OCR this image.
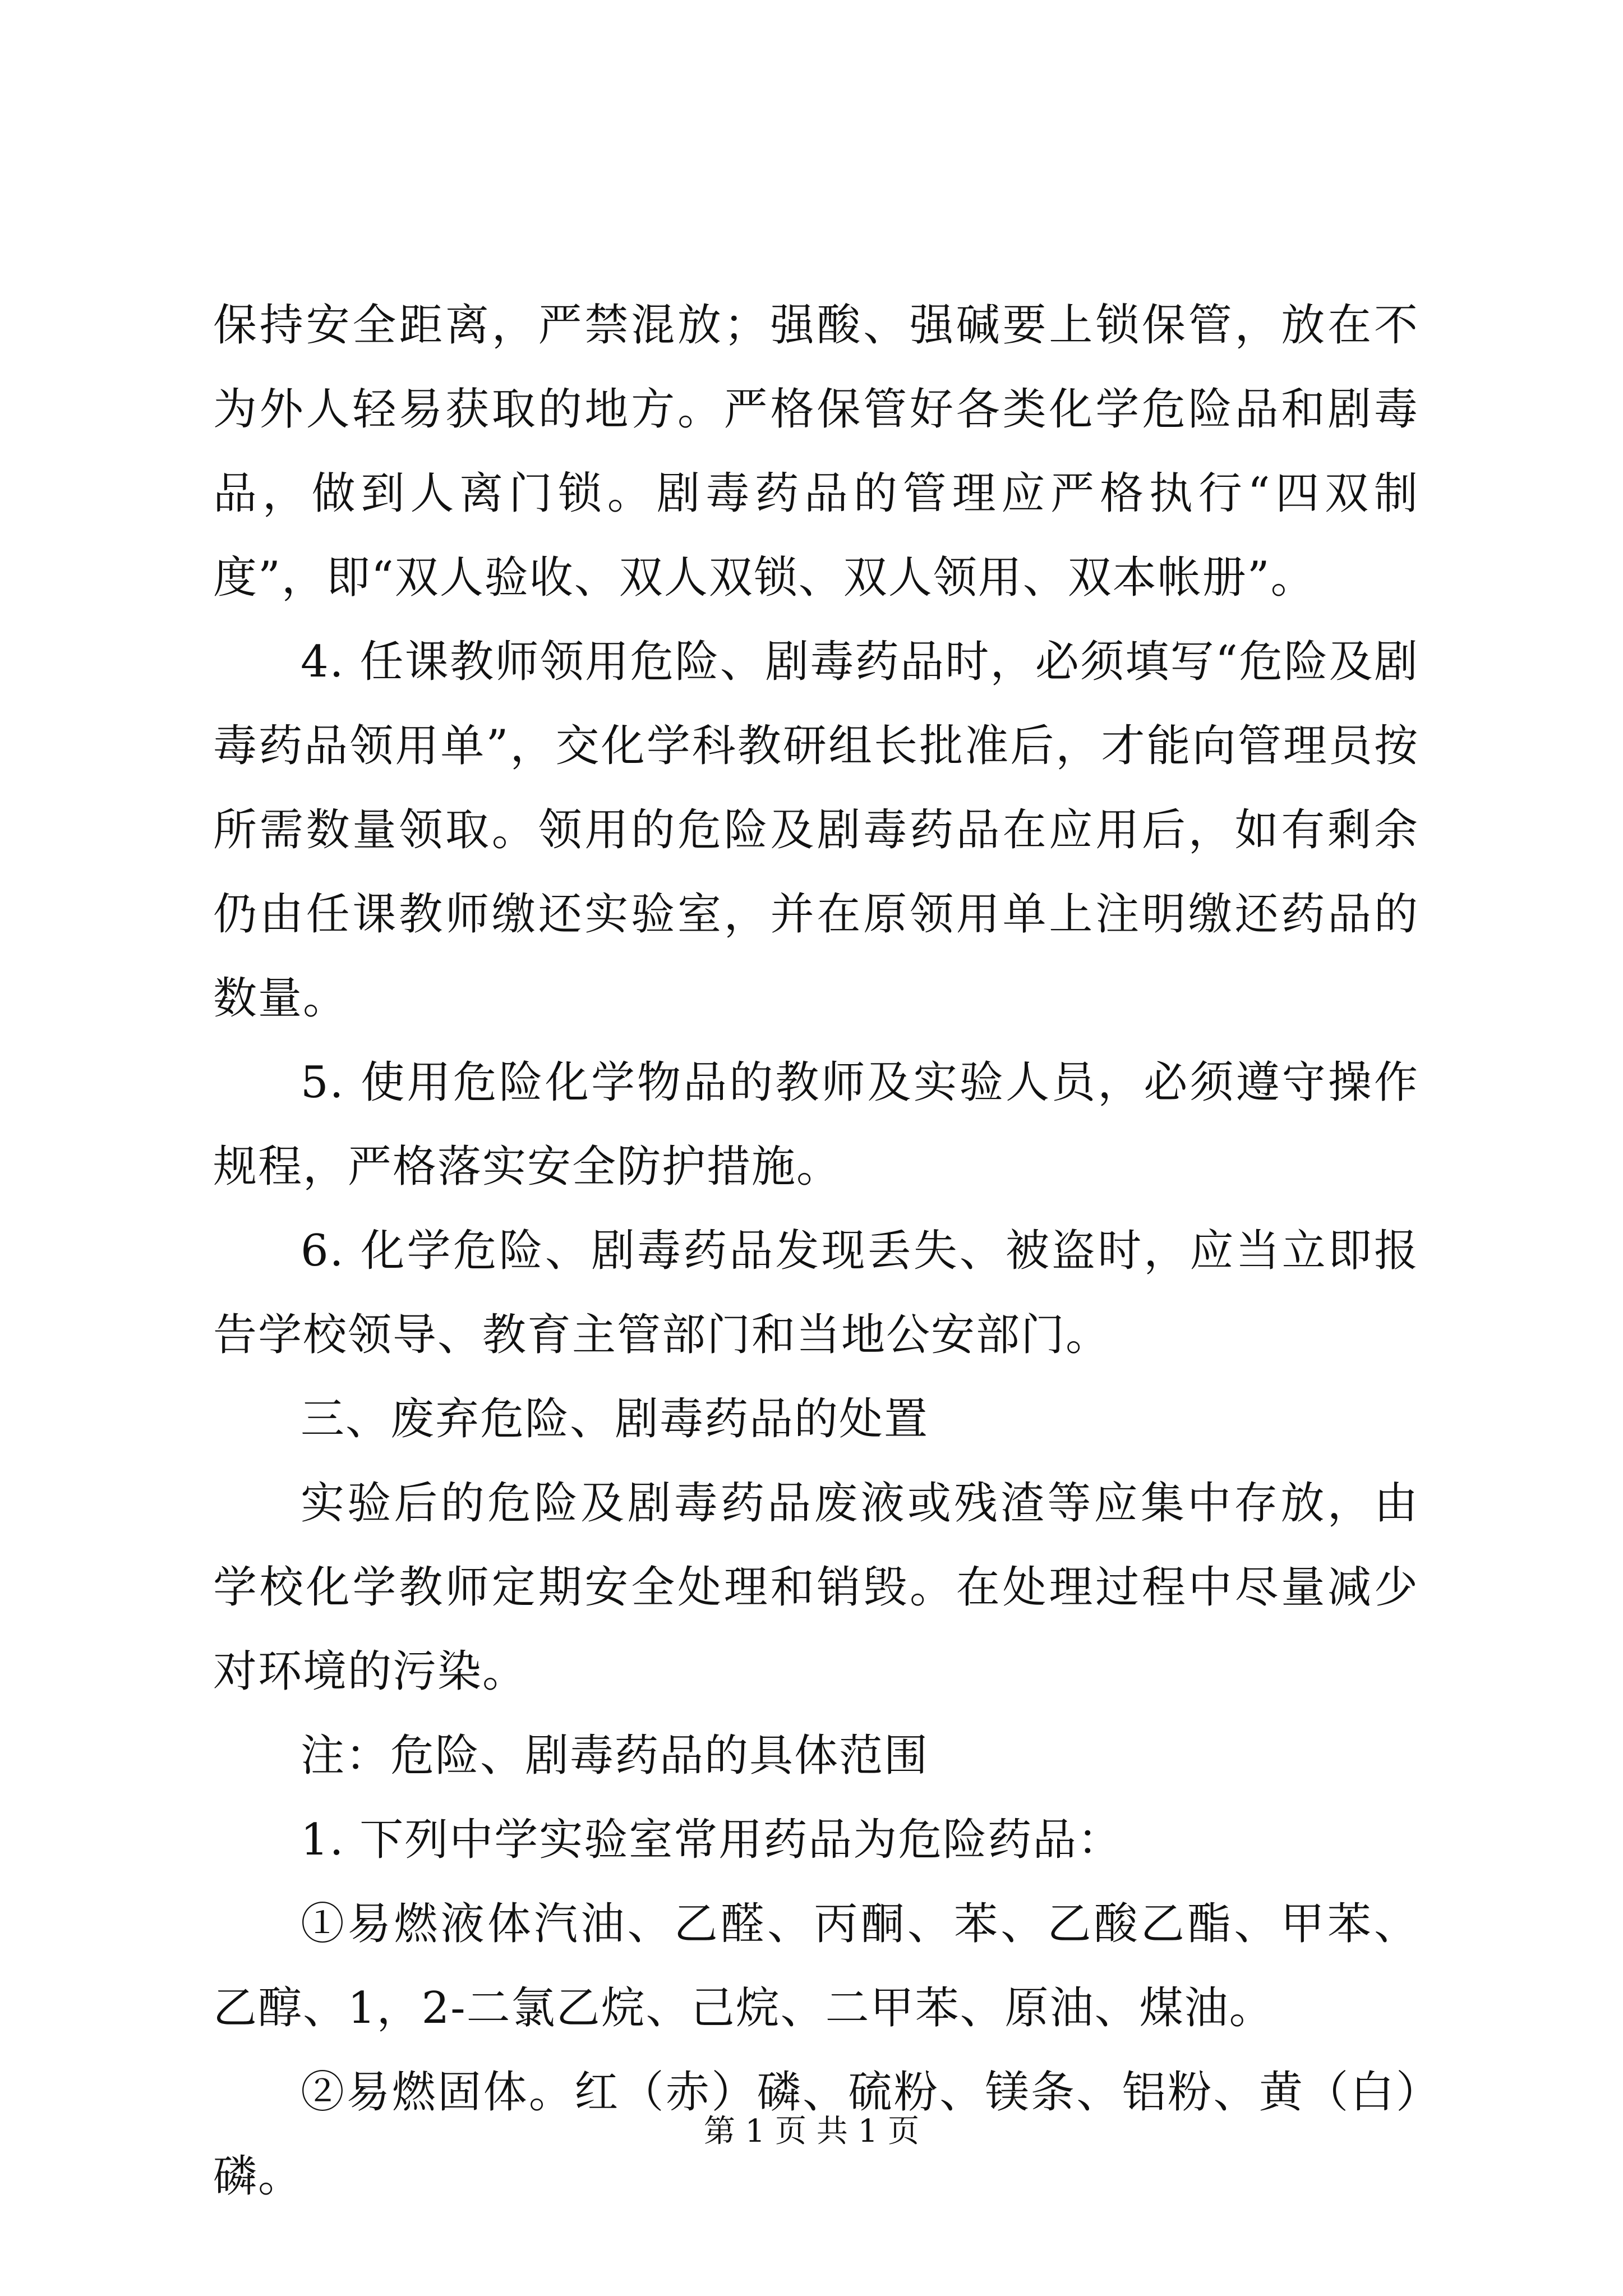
保持安全距离，严禁混放；强酸、强碱要上锁保管，放在不为外人轻易获取的地方。严格保管好各类化学危险品和剧毒品，做到人离门锁。剧毒药品的管理应严格执行“四双制度”，即“双人验收、双人双锁、双人领用、双本帐册”。

4. 任课教师领用危险、剧毒药品时，必须填写“危险及剧毒药品领用单”，交化学科教研组长批准后，才能向管理员按所需数量领取。领用的危险及剧毒药品在应用后，如有剩余仍由任课教师缴还实验室，并在原领用单上注明缴还药品的数量。

5. 使用危险化学物品的教师及实验人员，必须遵守操作规程，严格落实安全防护措施。

6. 化学危险、剧毒药品发现丢失、被盗时，应当立即报告学校领导、教育主管部门和当地公安部门。

三、废弃危险、剧毒药品的处置

实验后的危险及剧毒药品废液或残渣等应集中存放，由学校化学教师定期安全处理和销毁。在处理过程中尽量减少对环境的污染。

注：危险、剧毒药品的具体范围

1. 下列中学实验室常用药品为危险药品：

①易燃液体汽油、乙醛、丙酮、苯、乙酸乙酯、甲苯、乙醇、1，2-二氯乙烷、己烷、二甲苯、原油、煤油。

②易燃固体。红（赤）磷、硫粉、镁条、铝粉、黄（白）磷。

第 1 页 共 1 页
